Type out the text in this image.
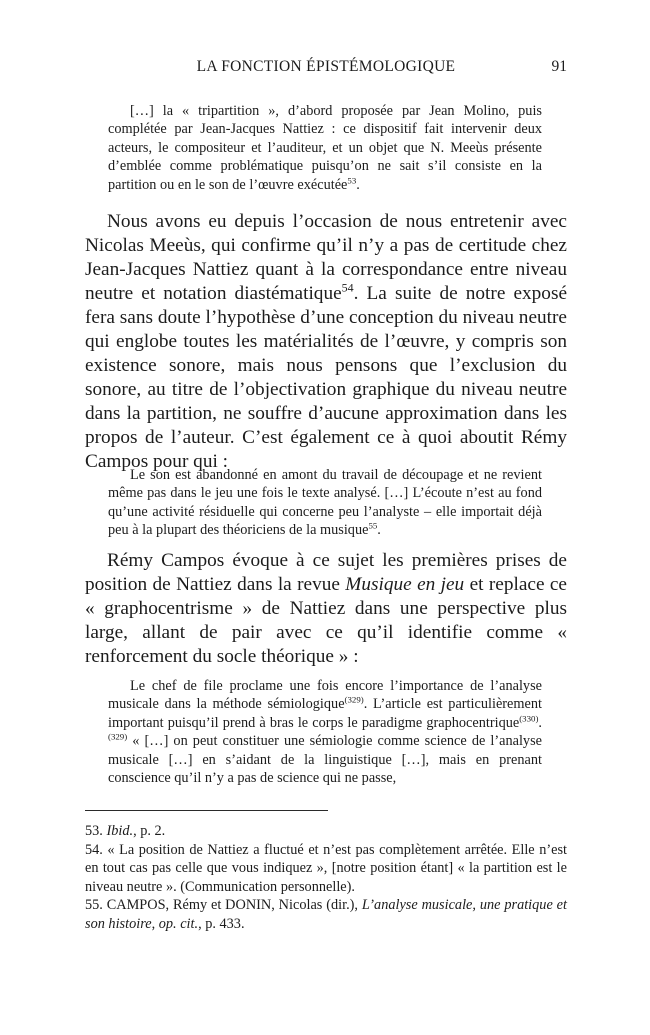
LA FONCTION ÉPISTÉMOLOGIQUE	91

[…] la « tripartition », d’abord proposée par Jean Molino, puis complétée par Jean-Jacques Nattiez : ce dispositif fait intervenir deux acteurs, le compositeur et l’auditeur, et un objet que N. Meeùs présente d’emblée comme problématique puisqu’on ne sait s’il consiste en la partition ou en le son de l’œuvre exécutée$^{53}$.

Nous avons eu depuis l’occasion de nous entretenir avec Nicolas Meeùs, qui confirme qu’il n’y a pas de certitude chez Jean-Jacques Nattiez quant à la correspondance entre niveau neutre et notation diastématique$^{54}$. La suite de notre exposé fera sans doute l’hypothèse d’une conception du niveau neutre qui englobe toutes les matérialités de l’œuvre, y compris son existence sonore, mais nous pensons que l’exclusion du sonore, au titre de l’objectivation graphique du niveau neutre dans la partition, ne souffre d’aucune approximation dans les propos de l’auteur. C’est également ce à quoi aboutit Rémy Campos pour qui :

Le son est abandonné en amont du travail de découpage et ne revient même pas dans le jeu une fois le texte analysé. […] L’écoute n’est au fond qu’une activité résiduelle qui concerne peu l’analyste – elle importait déjà peu à la plupart des théoriciens de la musique$^{55}$.

Rémy Campos évoque à ce sujet les premières prises de position de Nattiez dans la revue Musique en jeu et replace ce « graphocentrisme » de Nattiez dans une perspective plus large, allant de pair avec ce qu’il identifie comme « renforcement du socle théorique » :

Le chef de file proclame une fois encore l’importance de l’analyse musicale dans la méthode sémiologique$^{(329)}$. L’article est particulièrement important puisqu’il prend à bras le corps le paradigme graphocentrique$^{(330)}$. $^{(329)}$ « […] on peut constituer une sémiologie comme science de l’analyse musicale […] en s’aidant de la linguistique […], mais en prenant conscience qu’il n’y a pas de science qui ne passe,

53. Ibid., p. 2.

54. « La position de Nattiez a fluctué et n’est pas complètement arrêtée. Elle n’est en tout cas pas celle que vous indiquez », [notre position étant] « la partition est le niveau neutre ». (Communication personnelle).

55. CAMPOS, Rémy et DONIN, Nicolas (dir.), L’analyse musicale, une pratique et son histoire, op. cit., p. 433.
